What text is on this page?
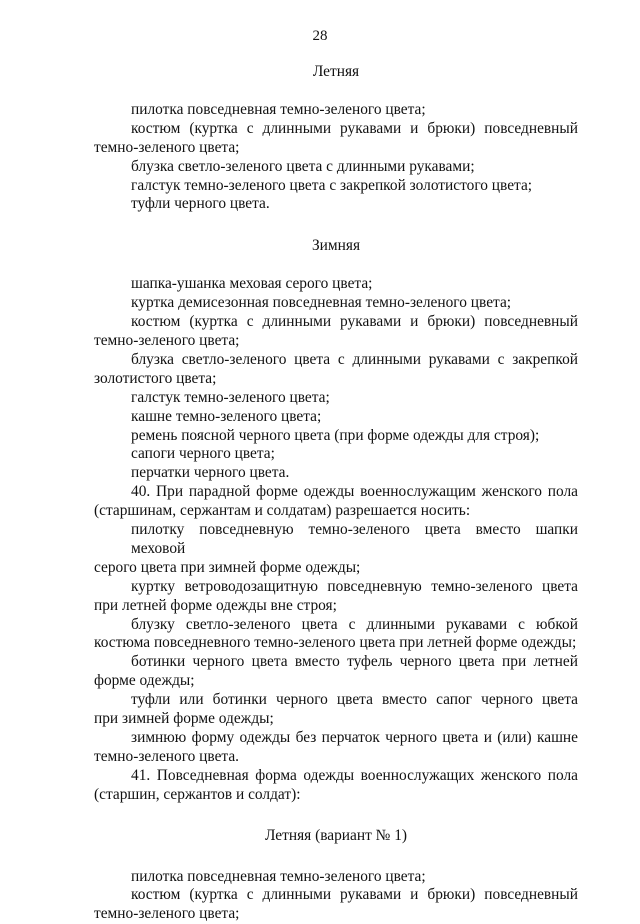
28

Летняя

пилотка повседневная темно-зеленого цвета;

костюм (куртка с длинными рукавами и брюки) повседневный
темно-зеленого цвета;

блузка светло-зеленого цвета с длинными рукавами;

галстук темно-зеленого цвета с закрепкой золотистого цвета;

туфли черного цвета.

Зимняя

шапка-ушанка меховая серого цвета;

куртка демисезонная повседневная темно-зеленого цвета;

костюм (куртка с длинными рукавами и брюки) повседневный
темно-зеленого цвета;
блузка светло-зеленого цвета с длинными рукавами с закрепкой
золотистого цвета;

галстук темно-зеленого цвета;

кашне темно-зеленого цвета;

ремень поясной черного цвета (при форме одежды для строя);

сапоги черного цвета;

перчатки черного цвета.

40. При парадной форме одежды военнослужащим женского пола
(старшинам, сержантам и солдатам) разрешается носить:
пилотку повседневную темно-зеленого цвета вместо шапки меховой
серого цвета при зимней форме одежды;
куртку ветроводозащитную повседневную темно-зеленого цвета
при летней форме одежды вне строя;
блузку светло-зеленого цвета с длинными рукавами с юбкой
костюма повседневного темно-зеленого цвета при летней форме одежды;
ботинки черного цвета вместо туфель черного цвета при летней
форме одежды;
туфли или ботинки черного цвета вместо сапог черного цвета
при зимней форме одежды;
зимнюю форму одежды без перчаток черного цвета и (или) кашне
темно-зеленого цвета.
41. Повседневная форма одежды военнослужащих женского пола
(старшин, сержантов и солдат):

Летняя (вариант № 1)

пилотка повседневная темно-зеленого цвета;

костюм (куртка с длинными рукавами и брюки) повседневный
темно-зеленого цвета;
